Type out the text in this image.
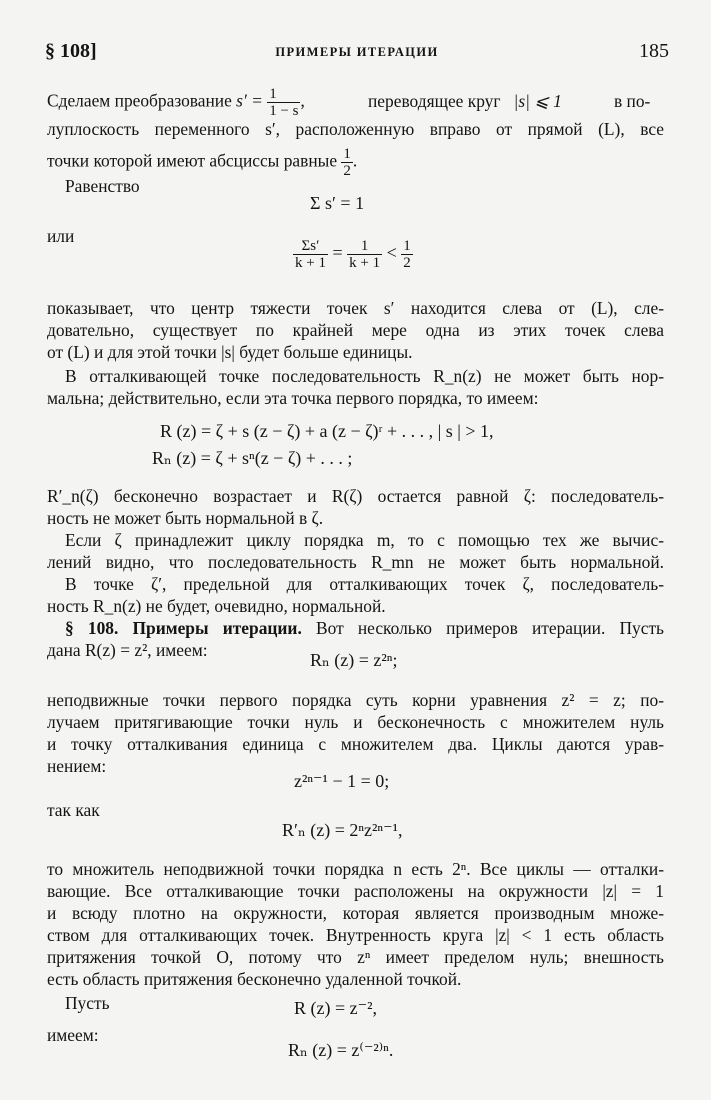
§ 108]	ПРИМЕРЫ ИТЕРАЦИИ	185
Сделаем преобразование $s' = \frac{1}{1 - s}$ ,	переводящее круг |s| ⩽ 1	в по-
луплоскость переменного s′, расположенную вправо от прямой (L), все
точки которой имеют абсциссы равные $\frac{1}{2}$ .
Равенство
Σ s′ = 1
или
$\frac{\Sigma s'}{k + 1} = \frac{1}{k + 1} < \frac{1}{2}$
показывает, что центр тяжести точек s′ находится слева от (L), сле-
довательно, существует по крайней мере одна из этих точек слева
от (L) и для этой точки |s| будет больше единицы.
В отталкивающей точке последовательность R_n(z) не может быть нор-
мальна; действительно, если эта точка первого порядка, то имеем:
R (z) = ζ + s (z − ζ) + a (z − ζ)ʳ + . . . , | s | > 1,
Rₙ (z) = ζ + sⁿ(z − ζ) + . . . ;
R′_n(ζ) бесконечно возрастает и R(ζ) остается равной ζ: последователь-
ность не может быть нормальной в ζ.
Если ζ принадлежит циклу порядка m, то с помощью тех же вычис-
лений видно, что последовательность R_mn не может быть нормальной.
В точке ζ′, предельной для отталкивающих точек ζ, последователь-
ность R_n(z) не будет, очевидно, нормальной.
§ 108. Примеры итерации. Вот несколько примеров итерации. Пусть
дана R(z) = z², имеем:	Rₙ (z) = z²ⁿ;
неподвижные точки первого порядка суть корни уравнения z² = z; по-
лучаем притягивающие точки нуль и бесконечность с множителем нуль
и точку отталкивания единица с множителем два. Циклы даются урав-
нением:
z²ⁿ⁻¹ − 1 = 0;
так как
R′ₙ (z) = 2ⁿz²ⁿ⁻¹,
то множитель неподвижной точки порядка n есть 2ⁿ. Все циклы — отталки-
вающие. Все отталкивающие точки расположены на окружности |z| = 1
и всюду плотно на окружности, которая является производным множе-
ством для отталкивающих точек. Внутренность круга |z| < 1 есть область
притяжения точкой O, потому что zⁿ имеет пределом нуль; внешность
есть область притяжения бесконечно удаленной точкой.
Пусть	R (z) = z⁻²,
имеем:
Rₙ (z) = z⁽⁻²⁾ⁿ.
